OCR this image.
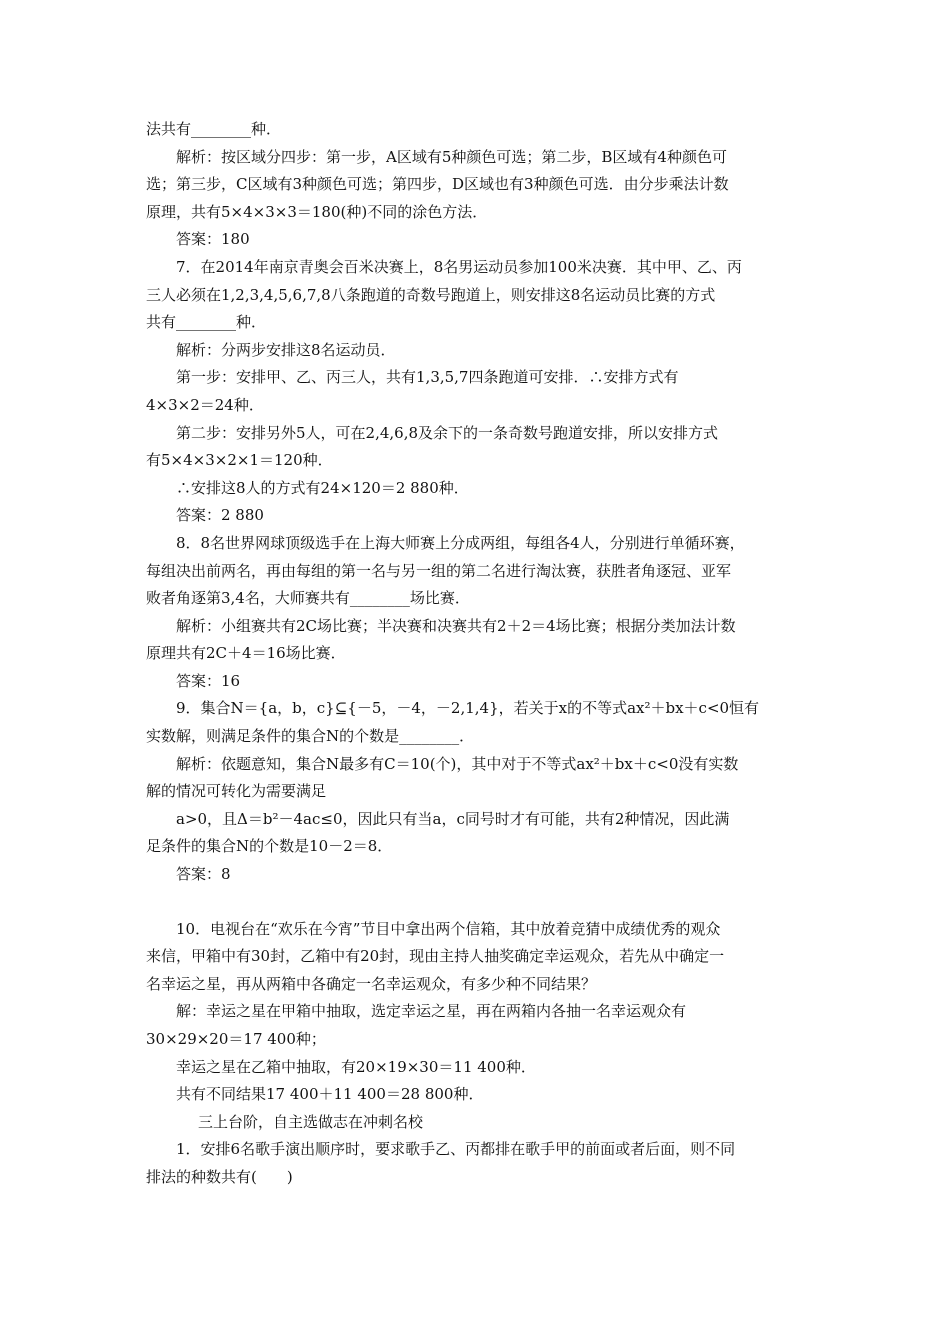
法共有________种．
解析：按区域分四步：第一步，A区域有5种颜色可选；第二步，B区域有4种颜色可
选；第三步，C区域有3种颜色可选；第四步，D区域也有3种颜色可选．由分步乘法计数
原理，共有5×4×3×3＝180(种)不同的涂色方法．
答案：180
7．在2014年南京青奥会百米决赛上，8名男运动员参加100米决赛．其中甲、乙、丙
三人必须在1,2,3,4,5,6,7,8八条跑道的奇数号跑道上，则安排这8名运动员比赛的方式
共有________种．
解析：分两步安排这8名运动员．
第一步：安排甲、乙、丙三人，共有1,3,5,7四条跑道可安排．∴安排方式有
4×3×2＝24种．
第二步：安排另外5人，可在2,4,6,8及余下的一条奇数号跑道安排，所以安排方式
有5×4×3×2×1＝120种．
∴安排这8人的方式有24×120＝2 880种．
答案：2 880
8．8名世界网球顶级选手在上海大师赛上分成两组，每组各4人，分别进行单循环赛，
每组决出前两名，再由每组的第一名与另一组的第二名进行淘汰赛，获胜者角逐冠、亚军
败者角逐第3,4名，大师赛共有________场比赛．
解析：小组赛共有2C场比赛；半决赛和决赛共有2＋2＝4场比赛；根据分类加法计数
原理共有2C＋4＝16场比赛．
答案：16
9．集合N＝{a，b，c}⊆{－5，－4，－2,1,4}，若关于x的不等式ax²＋bx＋c<0恒有
实数解，则满足条件的集合N的个数是________．
解析：依题意知，集合N最多有C＝10(个)，其中对于不等式ax²＋bx＋c<0没有实数
解的情况可转化为需要满足
a>0，且Δ＝b²－4ac≤0，因此只有当a，c同号时才有可能，共有2种情况，因此满
足条件的集合N的个数是10－2＝8．
答案：8
10．电视台在“欢乐在今宵”节目中拿出两个信箱，其中放着竞猜中成绩优秀的观众
来信，甲箱中有30封，乙箱中有20封，现由主持人抽奖确定幸运观众，若先从中确定一
名幸运之星，再从两箱中各确定一名幸运观众，有多少种不同结果？
解：幸运之星在甲箱中抽取，选定幸运之星，再在两箱内各抽一名幸运观众有
30×29×20＝17 400种；
幸运之星在乙箱中抽取，有20×19×30＝11 400种．
共有不同结果17 400＋11 400＝28 800种．
三上台阶，自主选做志在冲刺名校
1．安排6名歌手演出顺序时，要求歌手乙、丙都排在歌手甲的前面或者后面，则不同
排法的种数共有(　　)
